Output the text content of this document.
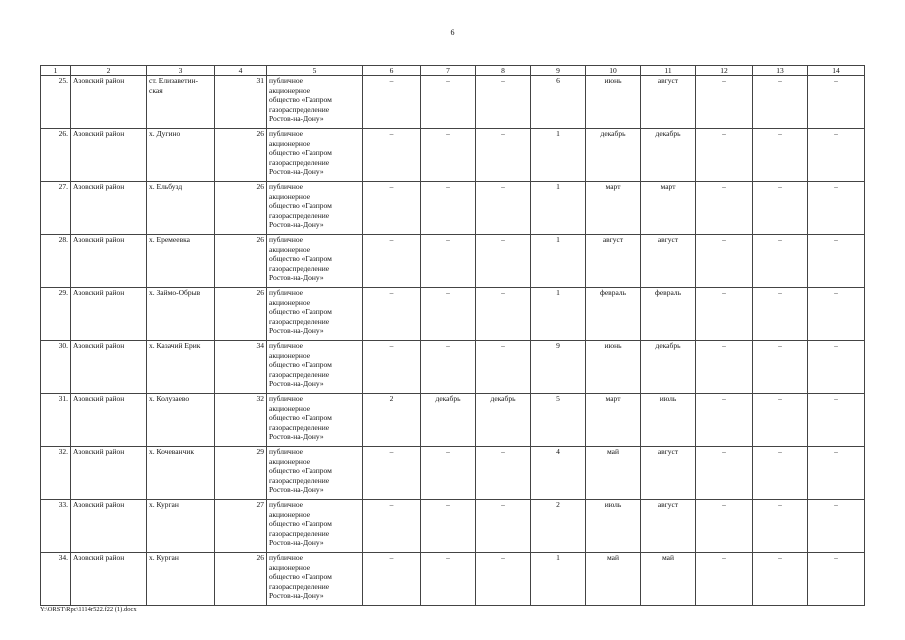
6
1	2	3	4	5	6	7	8	9	10	11	12	13	14
25.	Азовский район	ст. Елизаветин-
ская	31	публичное
акционерное
общество «Газпром
газораспределение
Ростов-на-Дону»	–	–	–	6	июнь	август	–	–	–
26.	Азовский район	х. Дугино	26	публичное
акционерное
общество «Газпром
газораспределение
Ростов-на-Дону»	–	–	–	1	декабрь	декабрь	–	–	–
27.	Азовский район	х. Ельбузд	26	публичное
акционерное
общество «Газпром
газораспределение
Ростов-на-Дону»	–	–	–	1	март	март	–	–	–
28.	Азовский район	х. Еремеевка	26	публичное
акционерное
общество «Газпром
газораспределение
Ростов-на-Дону»	–	–	–	1	август	август	–	–	–
29.	Азовский район	х. Займо-Обрыв	26	публичное
акционерное
общество «Газпром
газораспределение
Ростов-на-Дону»	–	–	–	1	февраль	февраль	–	–	–
30.	Азовский район	х. Казачий Ерик	34	публичное
акционерное
общество «Газпром
газораспределение
Ростов-на-Дону»	–	–	–	9	июнь	декабрь	–	–	–
31.	Азовский район	х. Колузаево	32	публичное
акционерное
общество «Газпром
газораспределение
Ростов-на-Дону»	2	декабрь	декабрь	5	март	июль	–	–	–
32.	Азовский район	х. Кочеванчик	29	публичное
акционерное
общество «Газпром
газораспределение
Ростов-на-Дону»	–	–	–	4	май	август	–	–	–
33.	Азовский район	х. Курган	27	публичное
акционерное
общество «Газпром
газораспределение
Ростов-на-Дону»	–	–	–	2	июль	август	–	–	–
34.	Азовский район	х. Курган	26	публичное
акционерное
общество «Газпром
газораспределение
Ростов-на-Дону»	–	–	–	1	май	май	–	–	–
Y:\ORST\Rpc\1114r522.f22 (1).docx
